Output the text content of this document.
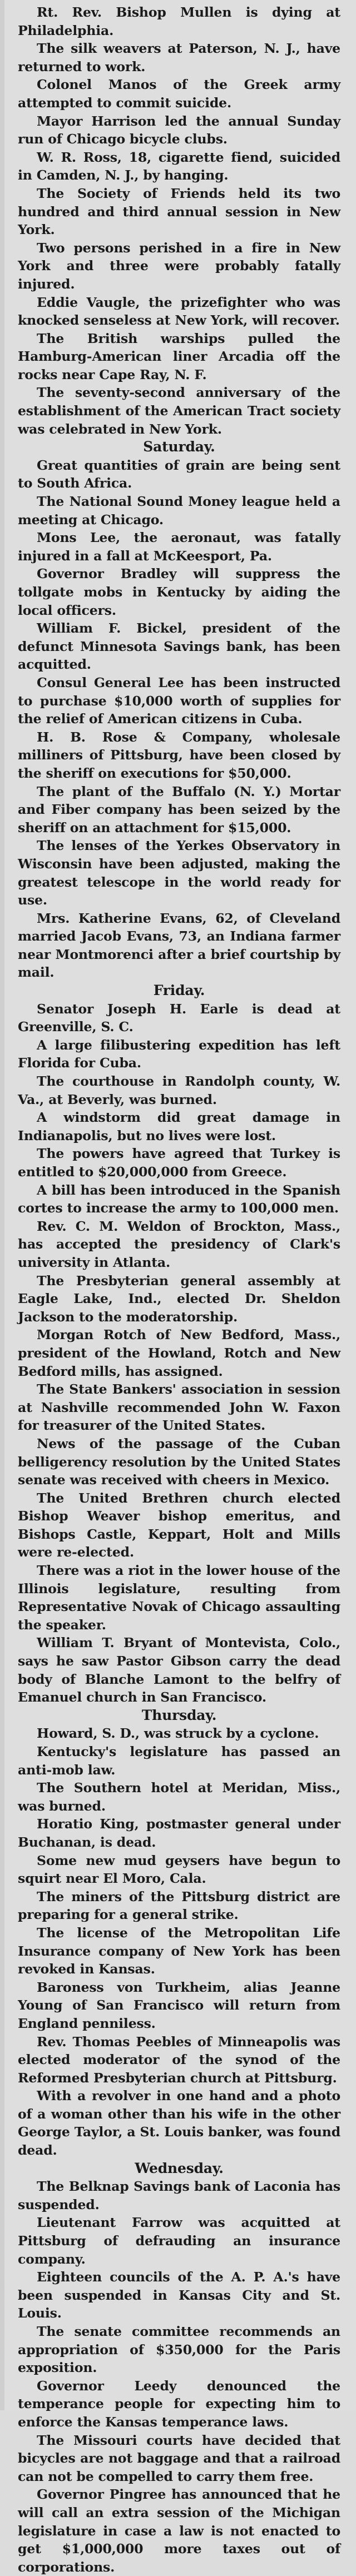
Rt. Rev. Bishop Mullen is dying at Philadelphia.

The silk weavers at Paterson, N. J., have returned to work.

Colonel Manos of the Greek army attempted to commit suicide.

Mayor Harrison led the annual Sunday run of Chicago bicycle clubs.

W. R. Ross, 18, cigarette fiend, suicided in Camden, N. J., by hanging.

The Society of Friends held its two hundred and third annual session in New York.

Two persons perished in a fire in New York and three were probably fatally injured.

Eddie Vaugle, the prizefighter who was knocked senseless at New York, will recover.

The British warships pulled the Hamburg-American liner Arcadia off the rocks near Cape Ray, N. F.

The seventy-second anniversary of the establishment of the American Tract society was celebrated in New York.

Saturday.

Great quantities of grain are being sent to South Africa.

The National Sound Money league held a meeting at Chicago.

Mons Lee, the aeronaut, was fatally injured in a fall at McKeesport, Pa.

Governor Bradley will suppress the tollgate mobs in Kentucky by aiding the local officers.

William F. Bickel, president of the defunct Minnesota Savings bank, has been acquitted.

Consul General Lee has been instructed to purchase $10,000 worth of supplies for the relief of American citizens in Cuba.

H. B. Rose & Company, wholesale milliners of Pittsburg, have been closed by the sheriff on executions for $50,000.

The plant of the Buffalo (N. Y.) Mortar and Fiber company has been seized by the sheriff on an attachment for $15,000.

The lenses of the Yerkes Observatory in Wisconsin have been adjusted, making the greatest telescope in the world ready for use.

Mrs. Katherine Evans, 62, of Cleveland married Jacob Evans, 73, an Indiana farmer near Montmorenci after a brief courtship by mail.

Friday.

Senator Joseph H. Earle is dead at Greenville, S. C.

A large filibustering expedition has left Florida for Cuba.

The courthouse in Randolph county, W. Va., at Beverly, was burned.

A windstorm did great damage in Indianapolis, but no lives were lost.

The powers have agreed that Turkey is entitled to $20,000,000 from Greece.

A bill has been introduced in the Spanish cortes to increase the army to 100,000 men.

Rev. C. M. Weldon of Brockton, Mass., has accepted the presidency of Clark's university in Atlanta.

The Presbyterian general assembly at Eagle Lake, Ind., elected Dr. Sheldon Jackson to the moderatorship.

Morgan Rotch of New Bedford, Mass., president of the Howland, Rotch and New Bedford mills, has assigned.

The State Bankers' association in session at Nashville recommended John W. Faxon for treasurer of the United States.

News of the passage of the Cuban belligerency resolution by the United States senate was received with cheers in Mexico.

The United Brethren church elected Bishop Weaver bishop emeritus, and Bishops Castle, Keppart, Holt and Mills were re-elected.

There was a riot in the lower house of the Illinois legislature, resulting from Representative Novak of Chicago assaulting the speaker.

William T. Bryant of Montevista, Colo., says he saw Pastor Gibson carry the dead body of Blanche Lamont to the belfry of Emanuel church in San Francisco.

Thursday.

Howard, S. D., was struck by a cyclone.

Kentucky's legislature has passed an anti-mob law.

The Southern hotel at Meridan, Miss., was burned.

Horatio King, postmaster general under Buchanan, is dead.

Some new mud geysers have begun to squirt near El Moro, Cala.

The miners of the Pittsburg district are preparing for a general strike.

The license of the Metropolitan Life Insurance company of New York has been revoked in Kansas.

Baroness von Turkheim, alias Jeanne Young of San Francisco will return from England penniless.

Rev. Thomas Peebles of Minneapolis was elected moderator of the synod of the Reformed Presbyterian church at Pittsburg.

With a revolver in one hand and a photo of a woman other than his wife in the other George Taylor, a St. Louis banker, was found dead.

Wednesday.

The Belknap Savings bank of Laconia has suspended.

Lieutenant Farrow was acquitted at Pittsburg of defrauding an insurance company.

Eighteen councils of the A. P. A.'s have been suspended in Kansas City and St. Louis.

The senate committee recommends an appropriation of $350,000 for the Paris exposition.

Governor Leedy denounced the temperance people for expecting him to enforce the Kansas temperance laws.

The Missouri courts have decided that bicycles are not baggage and that a railroad can not be compelled to carry them free.

Governor Pingree has announced that he will call an extra session of the Michigan legislature in case a law is not enacted to get $1,000,000 more taxes out of corporations.
